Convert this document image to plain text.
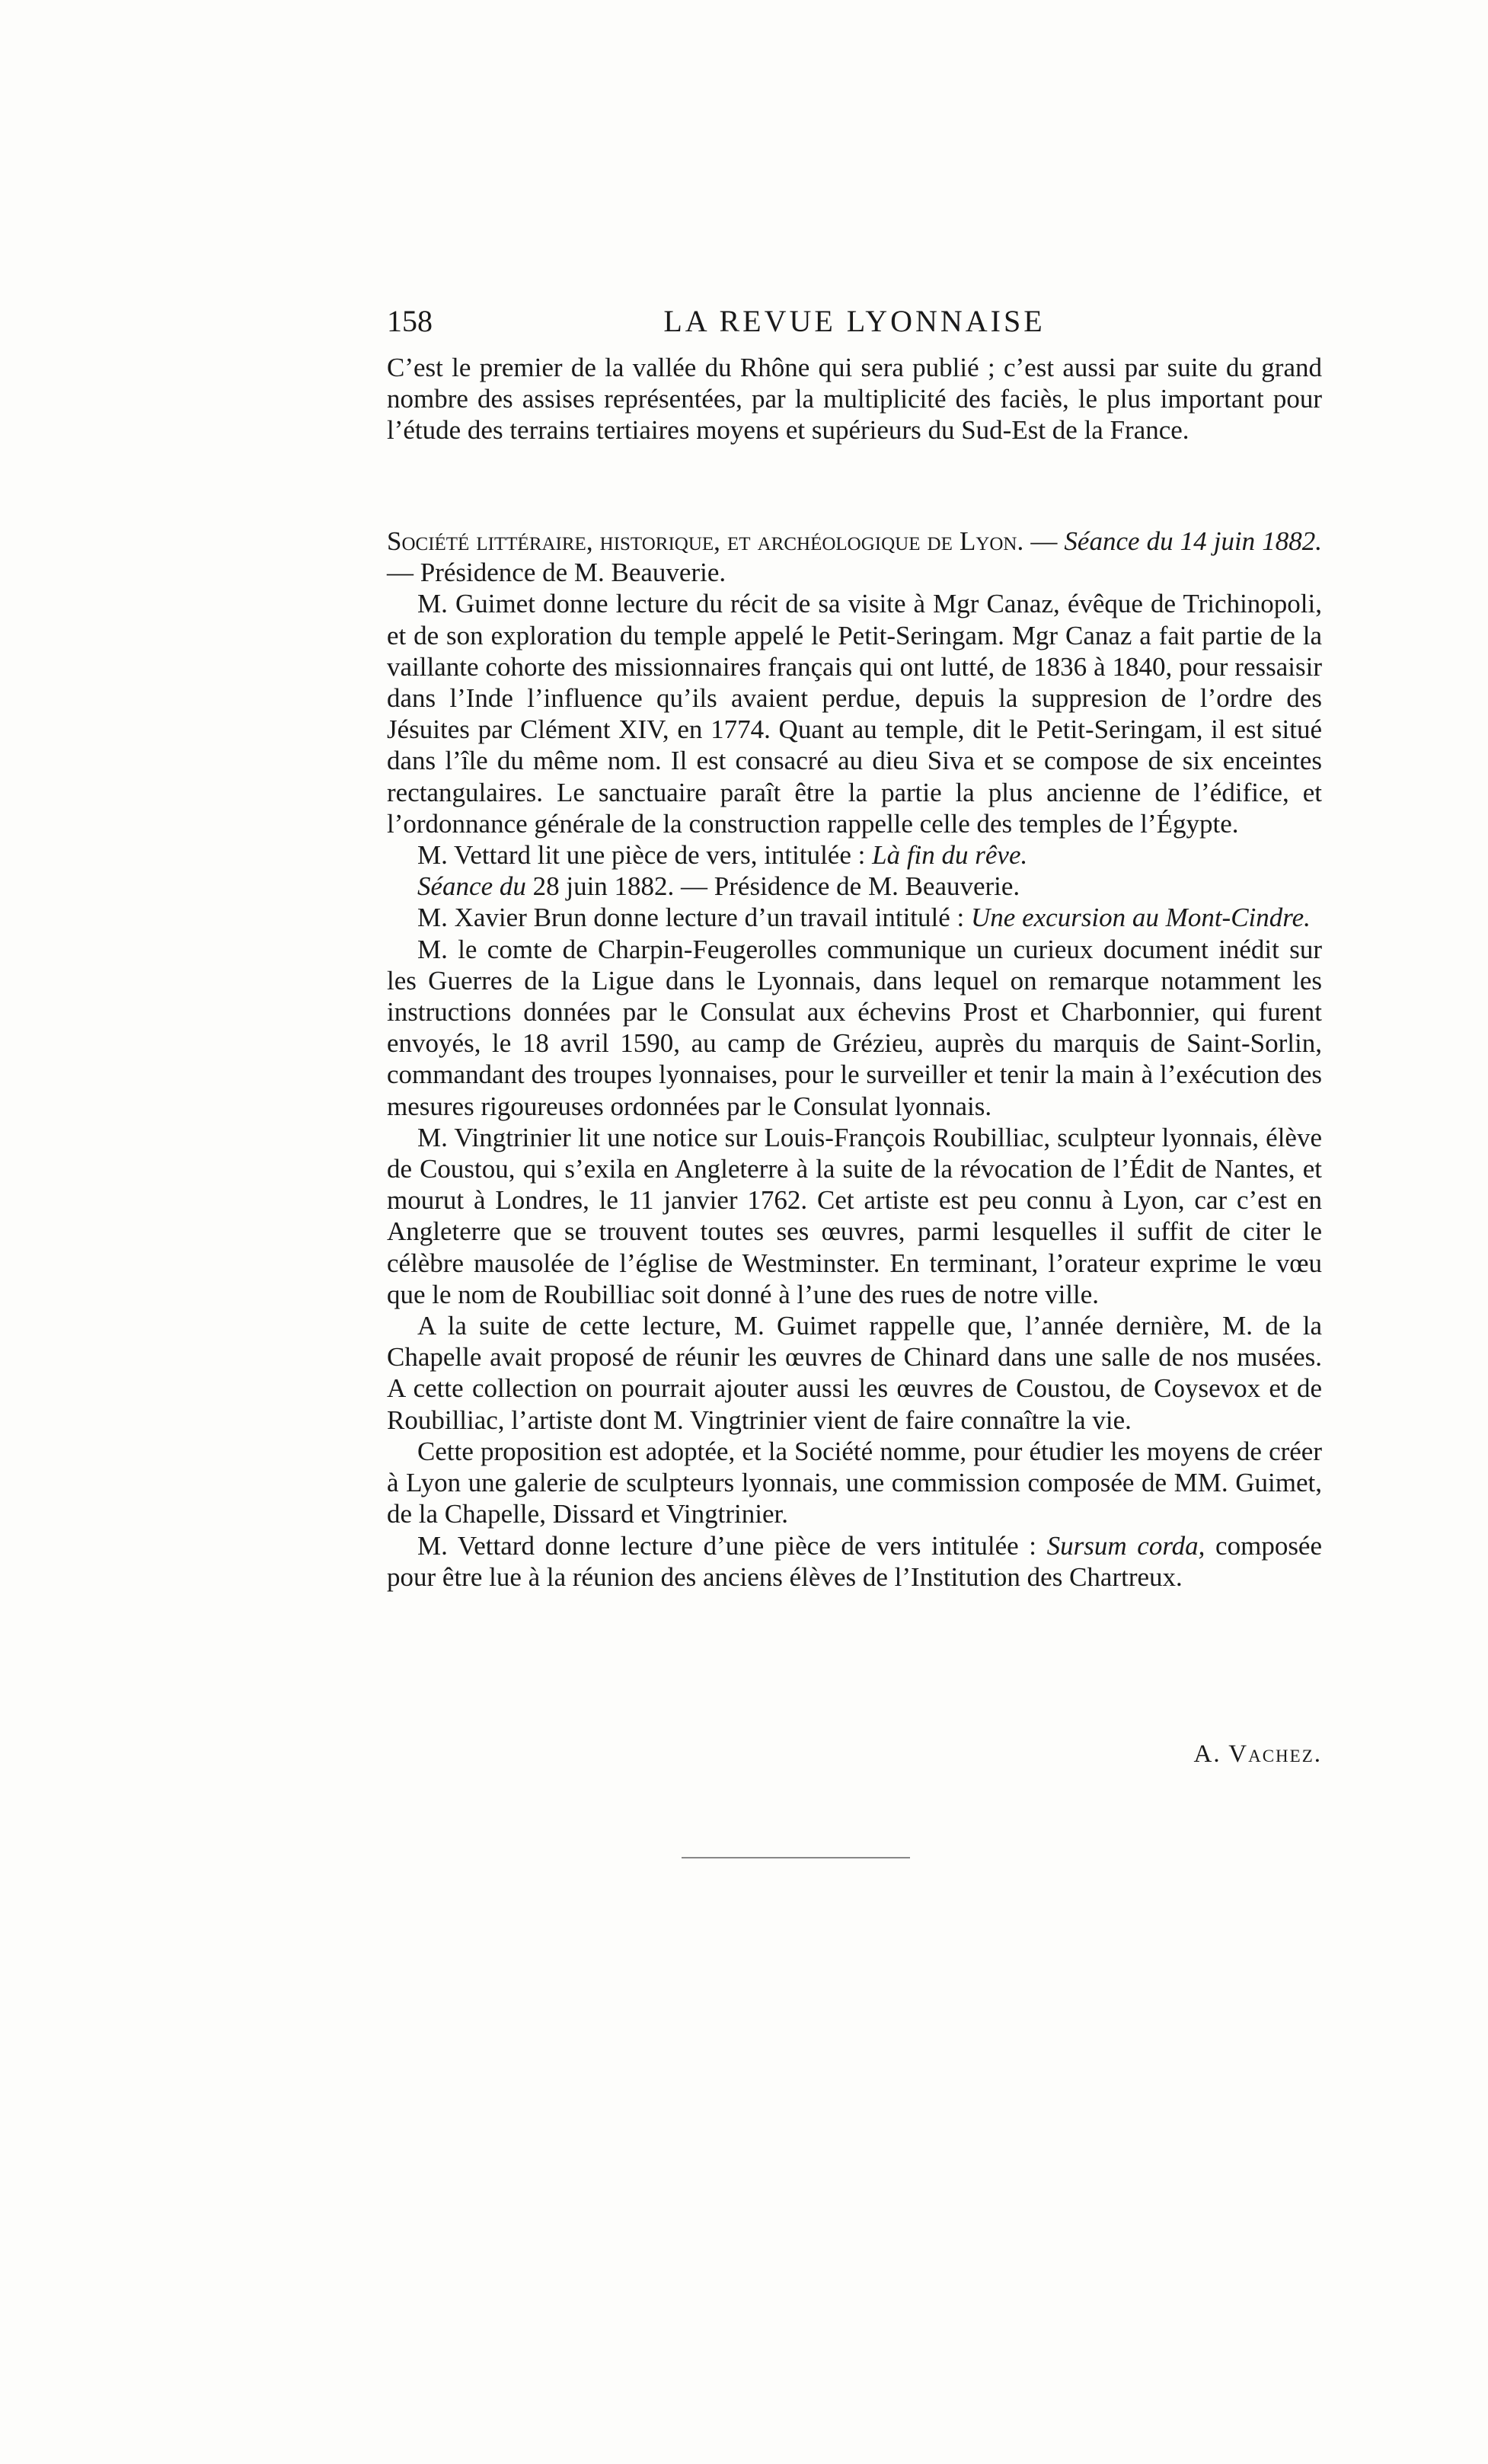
158	LA REVUE LYONNAISE

C’est le premier de la vallée du Rhône qui sera publié ; c’est aussi par suite du grand nombre des assises représentées, par la multiplicité des faciès, le plus important pour l’étude des terrains tertiaires moyens et supérieurs du Sud-Est de la France.

Société littéraire, historique, et archéologique de Lyon. — Séance du 14 juin 1882. — Présidence de M. Beauverie.

M. Guimet donne lecture du récit de sa visite à Mgr Canaz, évêque de Trichinopoli, et de son exploration du temple appelé le Petit-Seringam. Mgr Canaz a fait partie de la vaillante cohorte des missionnaires français qui ont lutté, de 1836 à 1840, pour ressaisir dans l’Inde l’influence qu’ils avaient perdue, depuis la suppresion de l’ordre des Jésuites par Clément XIV, en 1774. Quant au temple, dit le Petit-Seringam, il est situé dans l’île du même nom. Il est consacré au dieu Siva et se compose de six enceintes rectangulaires. Le sanctuaire paraît être la partie la plus ancienne de l’édifice, et l’ordonnance générale de la construction rappelle celle des temples de l’Égypte.

M. Vettard lit une pièce de vers, intitulée : Là fin du rêve.

Séance du 28 juin 1882. — Présidence de M. Beauverie.

M. Xavier Brun donne lecture d’un travail intitulé : Une excursion au Mont-Cindre.

M. le comte de Charpin-Feugerolles communique un curieux document inédit sur les Guerres de la Ligue dans le Lyonnais, dans lequel on remarque notamment les instructions données par le Consulat aux échevins Prost et Charbonnier, qui furent envoyés, le 18 avril 1590, au camp de Grézieu, auprès du marquis de Saint-Sorlin, commandant des troupes lyonnaises, pour le surveiller et tenir la main à l’exécution des mesures rigoureuses ordonnées par le Consulat lyonnais.

M. Vingtrinier lit une notice sur Louis-François Roubilliac, sculpteur lyonnais, élève de Coustou, qui s’exila en Angleterre à la suite de la révocation de l’Édit de Nantes, et mourut à Londres, le 11 janvier 1762. Cet artiste est peu connu à Lyon, car c’est en Angleterre que se trouvent toutes ses œuvres, parmi lesquelles il suffit de citer le célèbre mausolée de l’église de Westminster. En terminant, l’orateur exprime le vœu que le nom de Roubilliac soit donné à l’une des rues de notre ville.

A la suite de cette lecture, M. Guimet rappelle que, l’année dernière, M. de la Chapelle avait proposé de réunir les œuvres de Chinard dans une salle de nos musées. A cette collection on pourrait ajouter aussi les œuvres de Coustou, de Coysevox et de Roubilliac, l’artiste dont M. Vingtrinier vient de faire connaître la vie.

Cette proposition est adoptée, et la Société nomme, pour étudier les moyens de créer à Lyon une galerie de sculpteurs lyonnais, une commission composée de MM. Guimet, de la Chapelle, Dissard et Vingtrinier.

M. Vettard donne lecture d’une pièce de vers intitulée : Sursum corda, composée pour être lue à la réunion des anciens élèves de l’Institution des Chartreux.

A. Vachez.
